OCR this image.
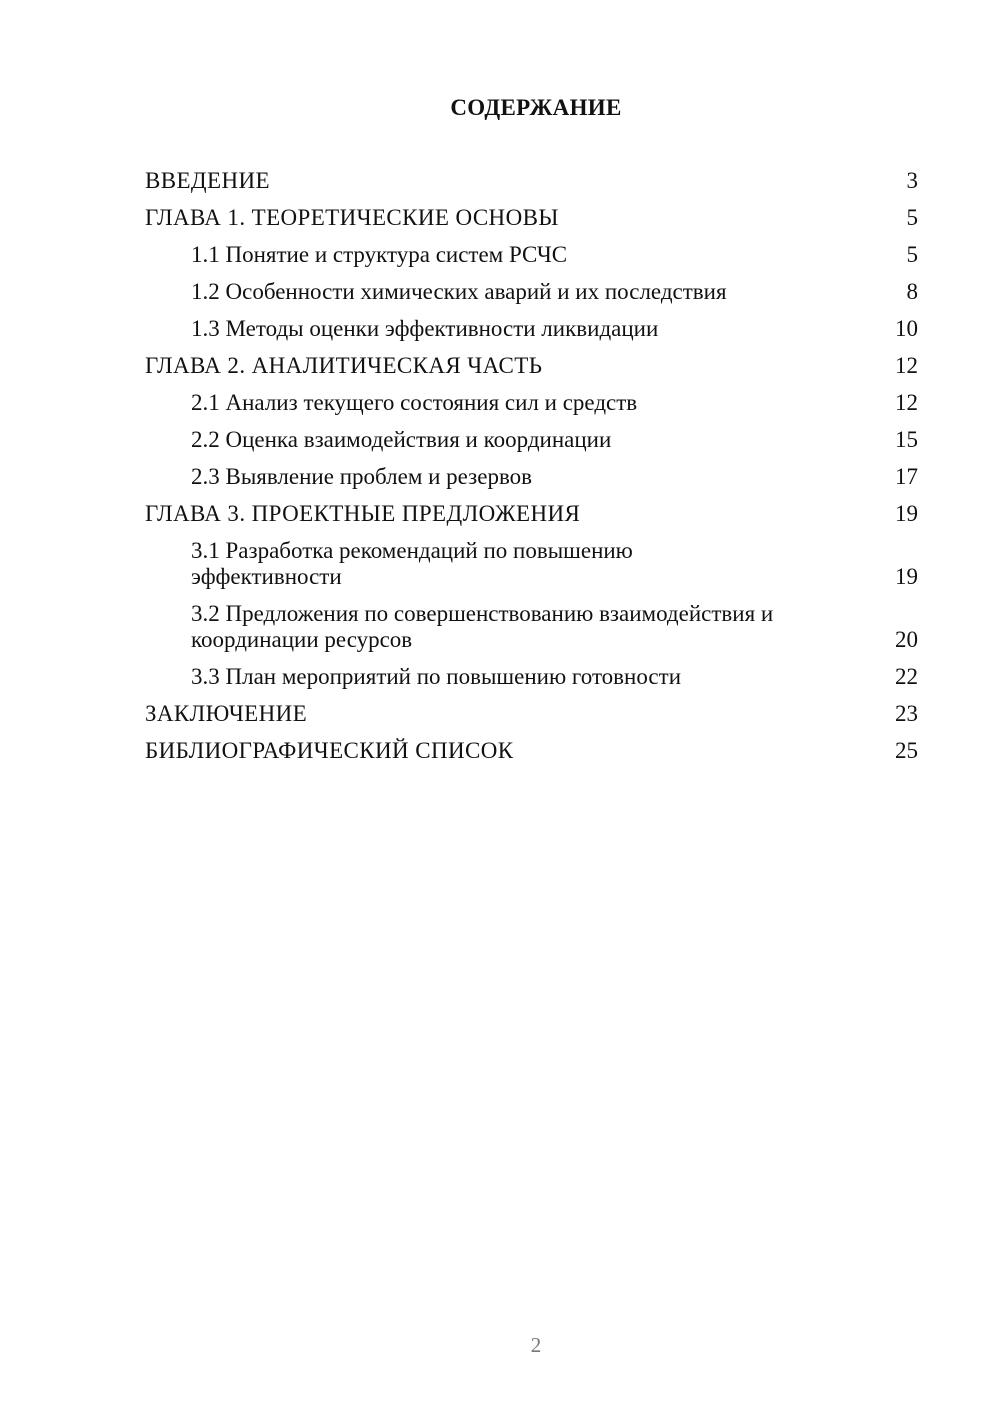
СОДЕРЖАНИЕ
ВВЕДЕНИЕ	3
ГЛАВА 1. ТЕОРЕТИЧЕСКИЕ ОСНОВЫ	5
1.1 Понятие и структура систем РСЧС	5
1.2 Особенности химических аварий и их последствия	8
1.3 Методы оценки эффективности ликвидации	10
ГЛАВА 2. АНАЛИТИЧЕСКАЯ ЧАСТЬ	12
2.1 Анализ текущего состояния сил и средств	12
2.2 Оценка взаимодействия и координации	15
2.3 Выявление проблем и резервов	17
ГЛАВА 3. ПРОЕКТНЫЕ ПРЕДЛОЖЕНИЯ	19
3.1 Разработка рекомендаций по повышению эффективности	19
3.2 Предложения по совершенствованию взаимодействия и координации ресурсов	20
3.3 План мероприятий по повышению готовности	22
ЗАКЛЮЧЕНИЕ	23
БИБЛИОГРАФИЧЕСКИЙ СПИСОК	25
2
